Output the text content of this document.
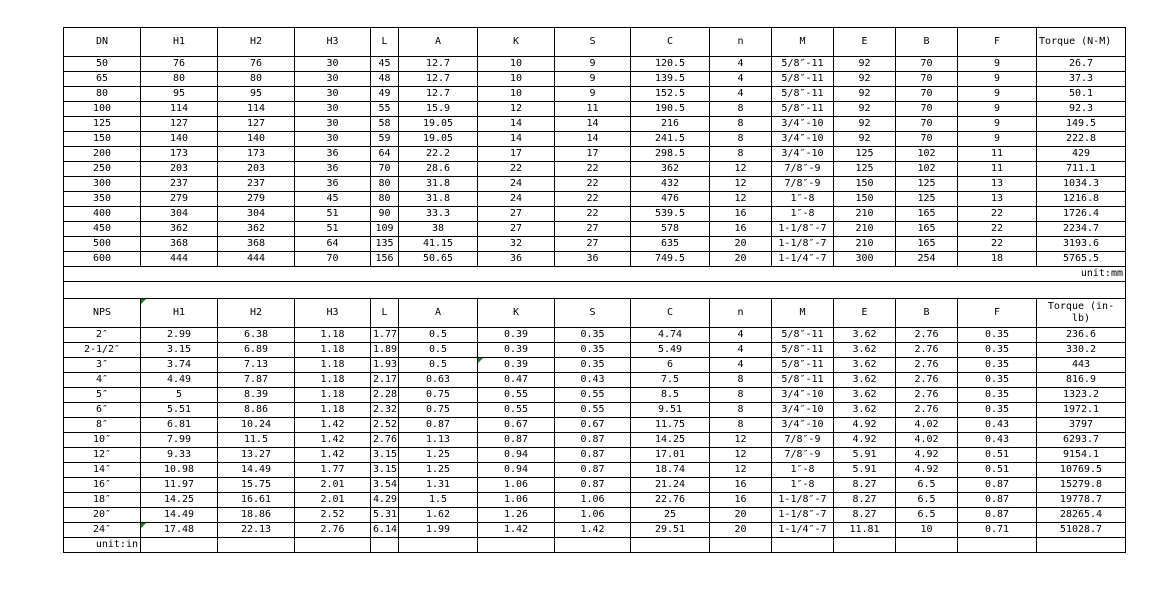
DN	H1	H2	H3	L	A	K	S	C	n	M	E	B	F	Torque (N-M)
50	76	76	30	45	12.7	10	9	120.5	4	5/8″-11	92	70	9	26.7
65	80	80	30	48	12.7	10	9	139.5	4	5/8″-11	92	70	9	37.3
80	95	95	30	49	12.7	10	9	152.5	4	5/8″-11	92	70	9	50.1
100	114	114	30	55	15.9	12	11	190.5	8	5/8″-11	92	70	9	92.3
125	127	127	30	58	19.05	14	14	216	8	3/4″-10	92	70	9	149.5
150	140	140	30	59	19.05	14	14	241.5	8	3/4″-10	92	70	9	222.8
200	173	173	36	64	22.2	17	17	298.5	8	3/4″-10	125	102	11	429
250	203	203	36	70	28.6	22	22	362	12	7/8″-9	125	102	11	711.1
300	237	237	36	80	31.8	24	22	432	12	7/8″-9	150	125	13	1034.3
350	279	279	45	80	31.8	24	22	476	12	1″-8	150	125	13	1216.8
400	304	304	51	90	33.3	27	22	539.5	16	1″-8	210	165	22	1726.4
450	362	362	51	109	38	27	27	578	16	1-1/8″-7	210	165	22	2234.7
500	368	368	64	135	41.15	32	27	635	20	1-1/8″-7	210	165	22	3193.6
600	444	444	70	156	50.65	36	36	749.5	20	1-1/4″-7	300	254	18	5765.5
unit:mm														

NPS	H1	H2	H3	L	A	K	S	C	n	M	E	B	F	Torque (in-lb)
2″	2.99	6.38	1.18	1.77	0.5	0.39	0.35	4.74	4	5/8″-11	3.62	2.76	0.35	236.6
2-1/2″	3.15	6.89	1.18	1.89	0.5	0.39	0.35	5.49	4	5/8″-11	3.62	2.76	0.35	330.2
3″	3.74	7.13	1.18	1.93	0.5	0.39	0.35	6	4	5/8″-11	3.62	2.76	0.35	443
4″	4.49	7.87	1.18	2.17	0.63	0.47	0.43	7.5	8	5/8″-11	3.62	2.76	0.35	816.9
5″	5	8.39	1.18	2.28	0.75	0.55	0.55	8.5	8	3/4″-10	3.62	2.76	0.35	1323.2
6″	5.51	8.86	1.18	2.32	0.75	0.55	0.55	9.51	8	3/4″-10	3.62	2.76	0.35	1972.1
8″	6.81	10.24	1.42	2.52	0.87	0.67	0.67	11.75	8	3/4″-10	4.92	4.02	0.43	3797
10″	7.99	11.5	1.42	2.76	1.13	0.87	0.87	14.25	12	7/8″-9	4.92	4.02	0.43	6293.7
12″	9.33	13.27	1.42	3.15	1.25	0.94	0.87	17.01	12	7/8″-9	5.91	4.92	0.51	9154.1
14″	10.98	14.49	1.77	3.15	1.25	0.94	0.87	18.74	12	1″-8	5.91	4.92	0.51	10769.5
16″	11.97	15.75	2.01	3.54	1.31	1.06	0.87	21.24	16	1″-8	8.27	6.5	0.87	15279.8
18″	14.25	16.61	2.01	4.29	1.5	1.06	1.06	22.76	16	1-1/8″-7	8.27	6.5	0.87	19778.7
20″	14.49	18.86	2.52	5.31	1.62	1.26	1.06	25	20	1-1/8″-7	8.27	6.5	0.87	28265.4
24″	17.48	22.13	2.76	6.14	1.99	1.42	1.42	29.51	20	1-1/4″-7	11.81	10	0.71	51028.7
unit:in														
